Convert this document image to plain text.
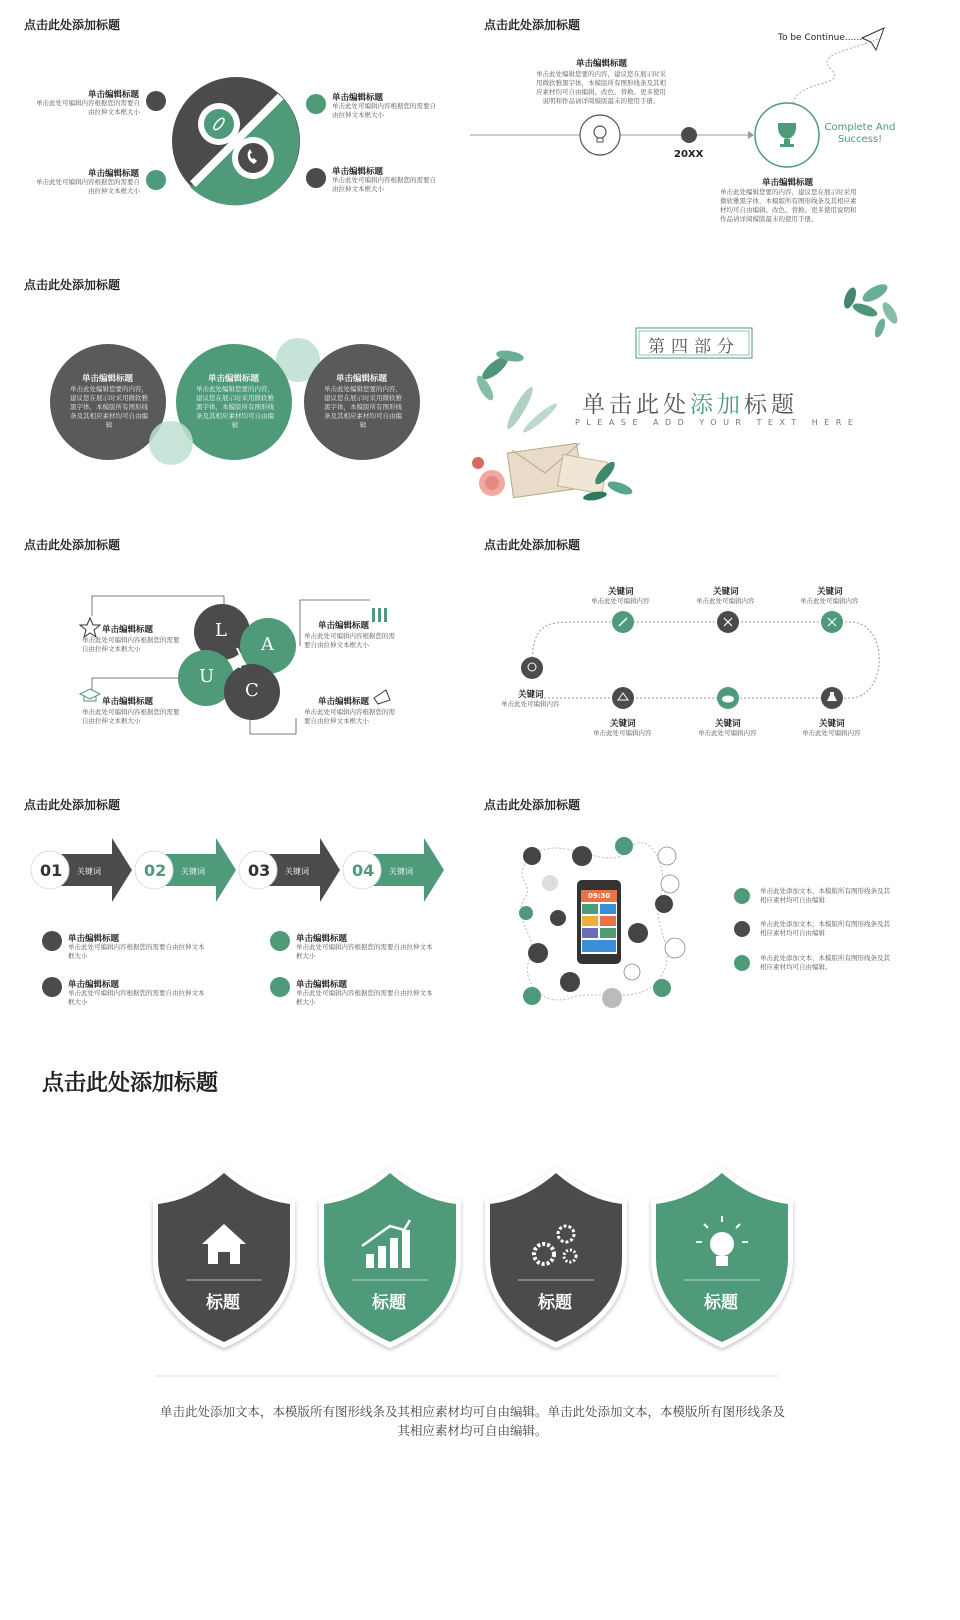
点击此处添加标题
单击编辑标题
单击此处可编辑内容根据您的需要自由拉伸文本框大小
单击编辑标题
单击此处可编辑内容根据您的需要自由拉伸文本框大小
单击编辑标题
单击此处可编辑内容根据您的需要自由拉伸文本框大小
单击编辑标题
单击此处可编辑内容根据您的需要自由拉伸文本框大小
点击此处添加标题
To be Continue......
单击编辑标题
单击此处编辑您要的内容，建议您在展示时采用微软雅黑字体，本模版所有图形线条及其相应素材均可自由编辑、改色、替换。更多使用说明和作品请详阅模版最末的使用手册。
20XX
Complete And Success!
单击编辑标题
单击此处编辑您要的内容，建议您在展示时采用微软雅黑字体，本模版所有图形线条及其相应素材均可自由编辑、改色、替换。更多使用说明和作品请详阅模版最末的使用手册。
点击此处添加标题
单击编辑标题
单击此处编辑您要的内容，建议您在展示时采用微软雅黑字体，本模版所有图形线条及其相应素材均可自由编辑
单击编辑标题
单击此处编辑您要的内容，建议您在展示时采用微软雅黑字体，本模版所有图形线条及其相应素材均可自由编辑
单击编辑标题
单击此处编辑您要的内容，建议您在展示时采用微软雅黑字体，本模版所有图形线条及其相应素材均可自由编辑
第四部分
单击此处添加标题
PLEASE ADD YOUR TEXT HERE
点击此处添加标题
L
A
U
C
单击编辑标题
单击此处可编辑内容根据您的需要自由拉伸文本框大小
单击编辑标题
单击此处可编辑内容根据您的需要自由拉伸文本框大小
单击编辑标题
单击此处可编辑内容根据您的需要自由拉伸文本框大小
单击编辑标题
单击此处可编辑内容根据您的需要自由拉伸文本框大小
点击此处添加标题
关键词
单击此处可编辑内容
关键词
单击此处可编辑内容
关键词
单击此处可编辑内容
关键词
单击此处可编辑内容
关键词
单击此处可编辑内容
关键词
单击此处可编辑内容
关键词
单击此处可编辑内容
点击此处添加标题
01	02	03	04
关键词	关键词	关键词	关键词
单击编辑标题
单击此处可编辑内容根据您的需要自由拉伸文本框大小
单击编辑标题
单击此处可编辑内容根据您的需要自由拉伸文本框大小
单击编辑标题
单击此处可编辑内容根据您的需要自由拉伸文本框大小
单击编辑标题
单击此处可编辑内容根据您的需要自由拉伸文本框大小
点击此处添加标题
09:30
单击此处添加文本，本模版所有图形线条及其相应素材均可自由编辑
单击此处添加文本，本模版所有图形线条及其相应素材均可自由编辑
单击此处添加文本，本模版所有图形线条及其相应素材均可自由编辑。
点击此处添加标题
标题	标题	标题	标题
单击此处添加文本，本模版所有图形线条及其相应素材均可自由编辑。单击此处添加文本，本模版所有图形线条及其相应素材均可自由编辑。
